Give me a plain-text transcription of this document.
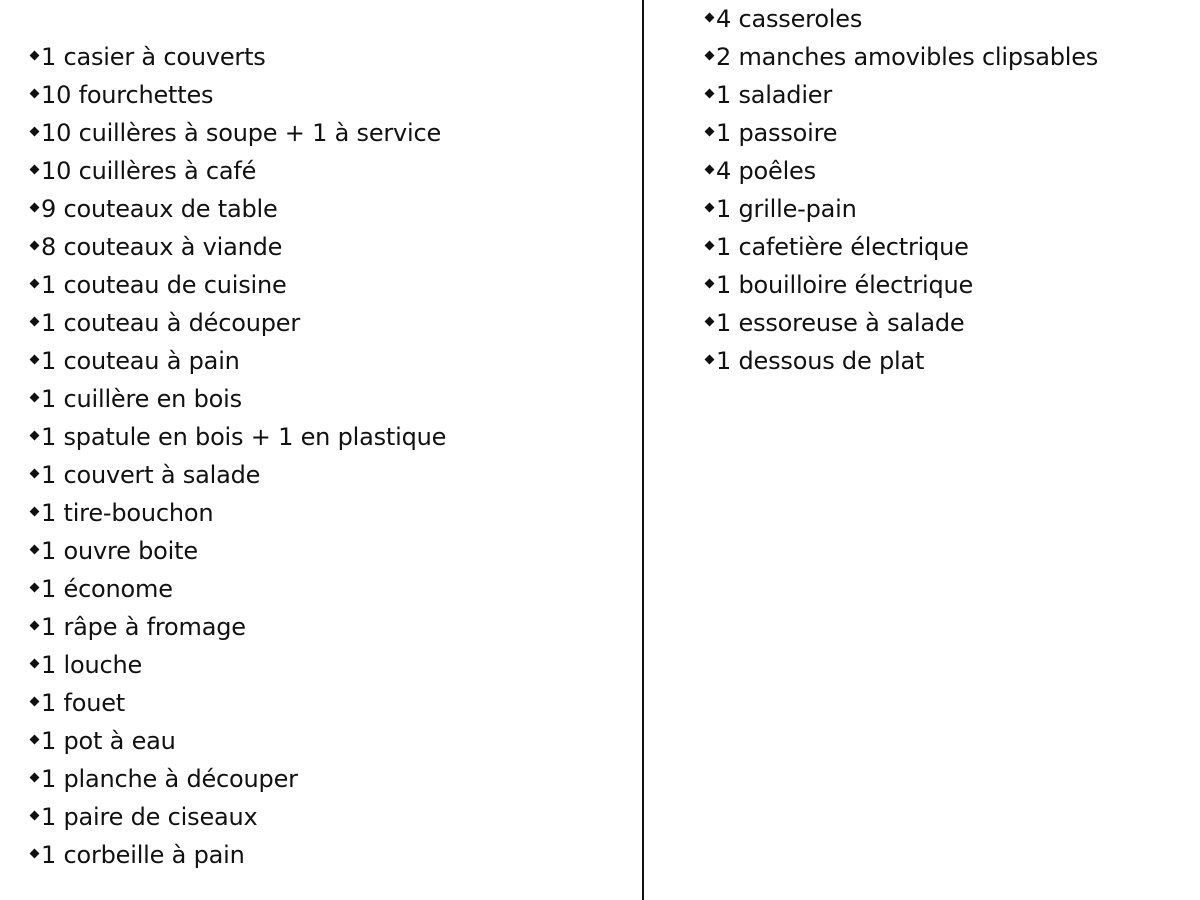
1 casier à couverts
10 fourchettes
10 cuillères à soupe + 1 à service
10 cuillères à café
9 couteaux de table
8 couteaux à viande
1 couteau de cuisine
1 couteau à découper
1 couteau à pain
1 cuillère en bois
1 spatule en bois + 1 en plastique
1 couvert à salade
1 tire-bouchon
1 ouvre boite
1 économe
1 râpe à fromage
1 louche
1 fouet
1 pot à eau
1 planche à découper
1 paire de ciseaux
1 corbeille à pain
4 casseroles
2 manches amovibles clipsables
1 saladier
1 passoire
4 poêles
1 grille-pain
1 cafetière électrique
1 bouilloire électrique
1 essoreuse à salade
1 dessous de plat
